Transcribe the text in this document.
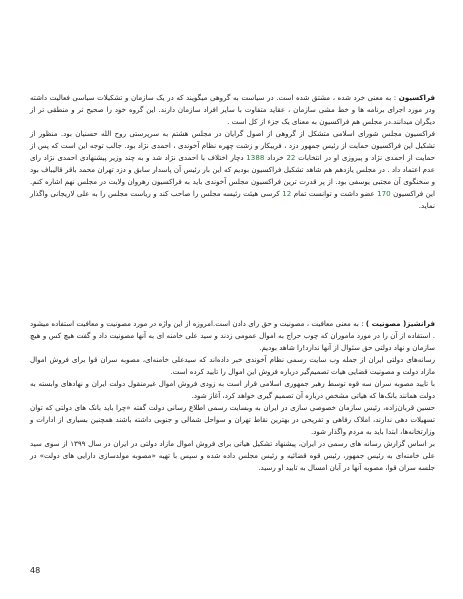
فراکسیون : به معنی خرد شده ، مشتق شده است. در سیاست به گروهی میگویند که در یک سازمان و تشکیلات سیاسی فعالیت داشته ودر مورد اجرای برنامه ها و خط مشی سازمان ، عقاید متفاوت با سایر افراد سازمان دارند. این گروه خود را صحیح تر و منطقی تر از دیگران میدانند.در مجلس هم فراکسیون به معنای یک جزء از کل است .

فراکسیون مجلس شورای اسلامی متشکل از گروهی از اصول گرایان در مجلس هشتم به سرپرستی روح الله حسنیان بود. منظور از تشکیل این فراکسیون حمایت از رئیس جمهور دزد ، فریبکار و زشت چهره نظام آخوندی ، احمدی نژاد بود. جالب توجه این است که پس از حمایت از احمدی نژاد و پیروزی او در انتخابات 22 خرداد 1388 دچار اختلاف با احمدی نژاد شد و به چند وزیر پیشنهادی احمدی نژاد رای عدم اعتماد داد . در مجلس یازدهم هم شاهد تشکیل فراکسیون بودیم که این بار رئیس آن پاسدار سابق و دزد تهران محمد باقر قالیباف بود و سخنگوی آن مجتبی یوسفی بود. از پر قدرت ترین فراکسیون مجلس آخوندی باید به فراکسیون رهروان ولایت در مجلس نهم اشاره کنم. این فراکسیون 170 عضو داشت و توانست تمام 12 کرسی هیئت رئیسه مجلس را صاحب کند و ریاست مجلس را به علی لاریجانی واگذار نماید.

فرانشیز( مصونیت ) : به معنی معافیت ، مصونیت و حق رای دادن است.امروزه از این واژه در مورد مصونیت و معافیت استفاده میشود . استفاده از آن را در مورد ماموران که چوب حراج به اموال عمومی زدند و سید علی خامنه ای به آنها مصونیت داد و گفت هیچ کس و هیچ سازمان و نهاد دولتی حق سئوال از آنها ندارد!را شاهد بودیم.

رسانه‌های دولتی ایران از جمله وب سایت رسمی نظام آخوندی خبر داده‌اند که سیدعلی خامنه‌ای، مصوبه سران قوا برای فروش اموال مازاد دولت و مصونیت قضایی هیات تصمیم‌گیر درباره فروش این اموال را تایید کرده است.

با تایید مصوبه سران سه قوه توسط رهبر جمهوری اسلامی قرار است به زودی فروش اموال غیرمنقول دولت ایران و نهادهای وابسته به دولت همانند بانک‌ها که هیاتی مشخص درباره آن تصمیم گیری خواهد کرد، آغاز شود.

حسین قربان‌زاده، رئیس سازمان خصوصی سازی در ایران به وبسایت رسمی اطلاع رسانی دولت گفته «چرا باید بانک های دولتی که توان تسهیلات دهی ندارند، املاک رفاهی و تفریحی در بهترین نقاط تهران و سواحل شمالی و جنوبی داشته باشند همچنین بسیاری از ادارات و وزارتخانه‌ها، ابتدا باید به مردم واگذار شود.

بر اساس گزارش رسانه های رسمی در ایران، پیشنهاد تشکیل هیاتی برای فروش اموال مازاد دولتی در ایران در سال ۱۳۹۹ از سوی سید علی خامنه‌ای به رئیس جمهور، رئیس قوه قضائیه و رئیس مجلس داده شده و سپس با تهیه «مصوبه مولدسازی دارایی های دولت» در جلسه سران قوا، مصوبه آنها در آبان امسال به تایید او رسید.

48
